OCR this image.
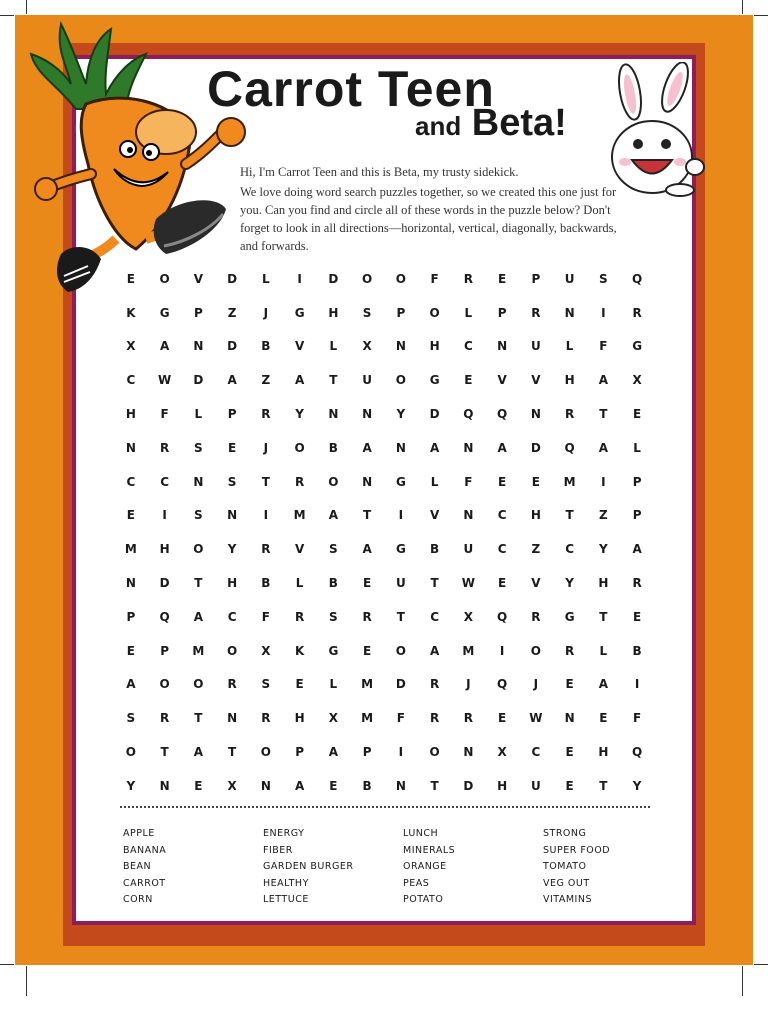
Carrot Teen
and Beta!

Hi, I'm Carrot Teen and this is Beta, my trusty sidekick.

We love doing word search puzzles together, so we created this one just for you. Can you find and circle all of these words in the puzzle below? Don't forget to look in all directions—horizontal, vertical, diagonally, backwards, and forwards.

E	O	V	D	L	I	D	O	O	F	R	E	P	U	S	Q
K	G	P	Z	J	G	H	S	P	O	L	P	R	N	I	R
X	A	N	D	B	V	L	X	N	H	C	N	U	L	F	G
C	W	D	A	Z	A	T	U	O	G	E	V	V	H	A	X
H	F	L	P	R	Y	N	N	Y	D	Q	Q	N	R	T	E
N	R	S	E	J	O	B	A	N	A	N	A	D	Q	A	L
C	C	N	S	T	R	O	N	G	L	F	E	E	M	I	P
E	I	S	N	I	M	A	T	I	V	N	C	H	T	Z	P
M	H	O	Y	R	V	S	A	G	B	U	C	Z	C	Y	A
N	D	T	H	B	L	B	E	U	T	W	E	V	Y	H	R
P	Q	A	C	F	R	S	R	T	C	X	Q	R	G	T	E
E	P	M	O	X	K	G	E	O	A	M	I	O	R	L	B
A	O	O	R	S	E	L	M	D	R	J	Q	J	E	A	I
S	R	T	N	R	H	X	M	F	R	R	E	W	N	E	F
O	T	A	T	O	P	A	P	I	O	N	X	C	E	H	Q
Y	N	E	X	N	A	E	B	N	T	D	H	U	E	T	Y
APPLE
BANANA
BEAN
CARROT
CORN
ENERGY
FIBER
GARDEN BURGER
HEALTHY
LETTUCE
LUNCH
MINERALS
ORANGE
PEAS
POTATO
STRONG
SUPER FOOD
TOMATO
VEG OUT
VITAMINS
